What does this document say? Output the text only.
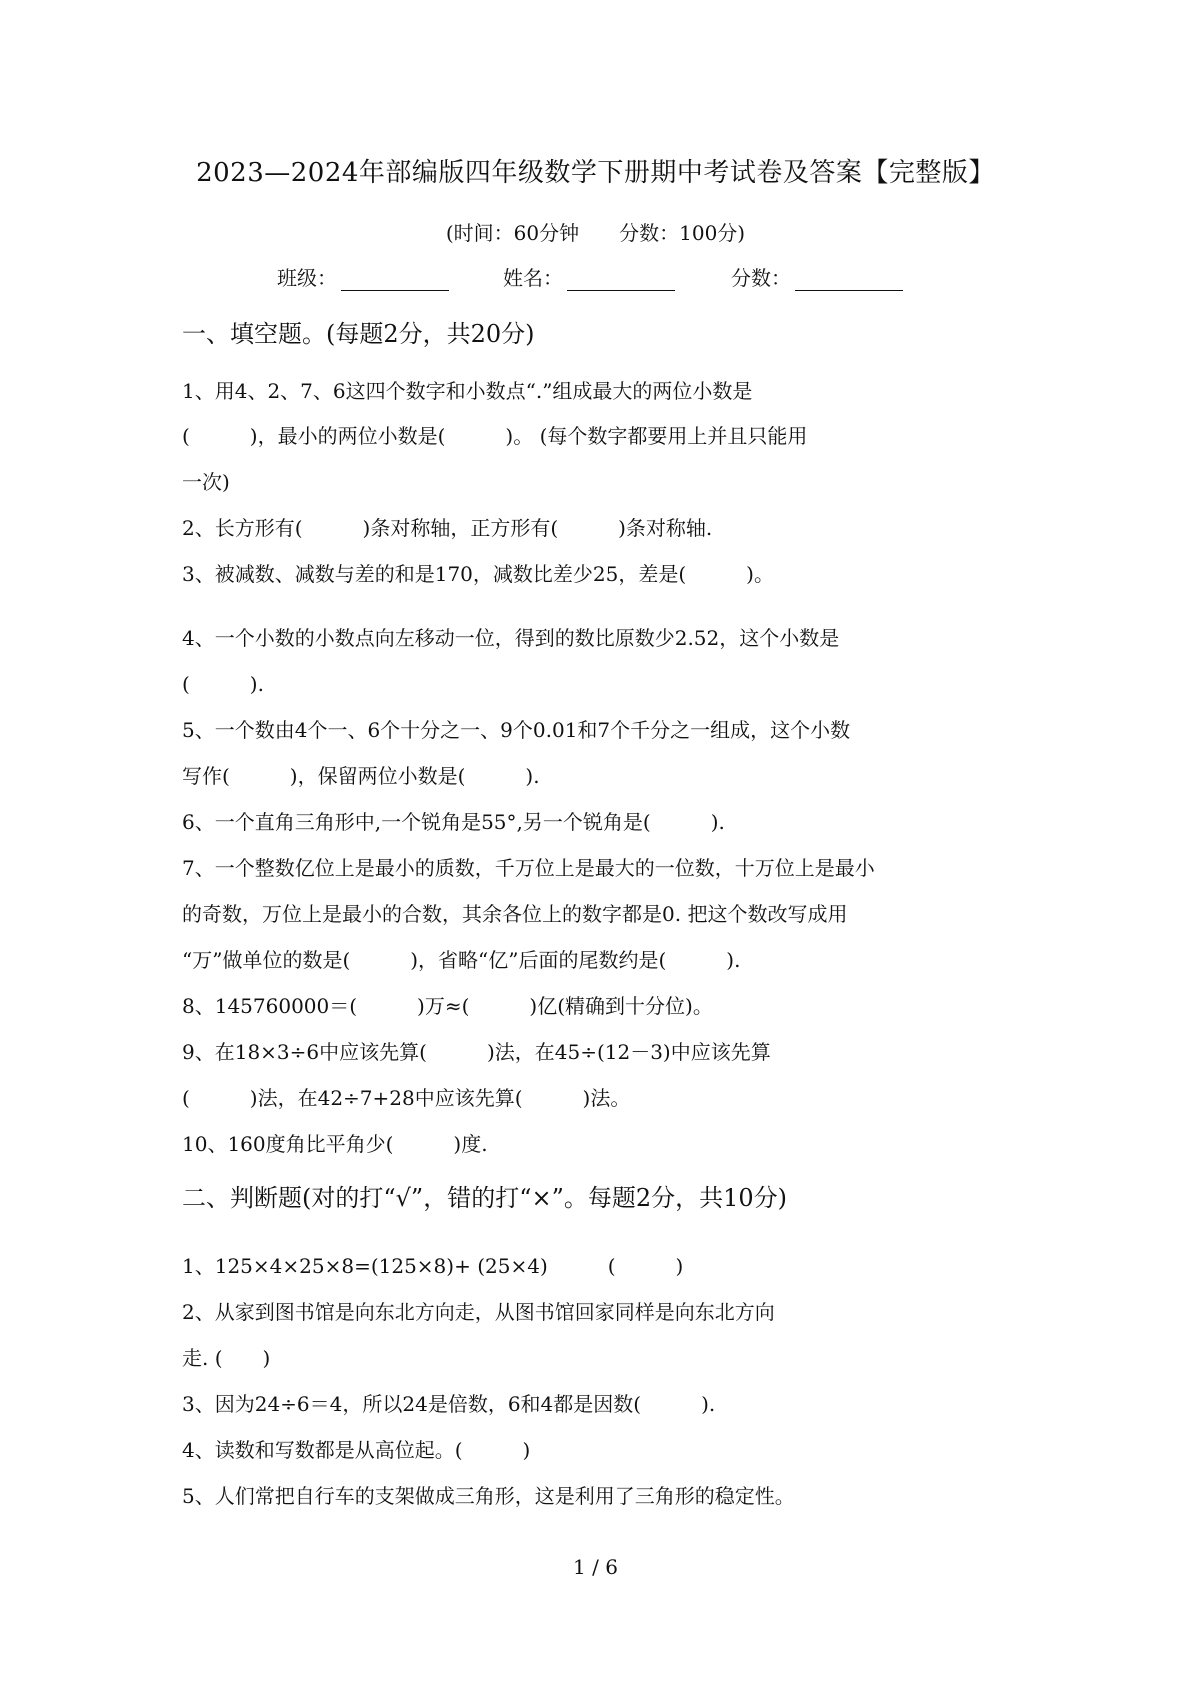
2023—2024年部编版四年级数学下册期中考试卷及答案【完整版】
(时间：60分钟　　分数：100分)
班级：	姓名：	分数：
一、填空题。(每题2分，共20分)
1、用4、2、7、6这四个数字和小数点“.”组成最大的两位小数是
(　　　)，最小的两位小数是(　　　)。 (每个数字都要用上并且只能用
一次)
2、长方形有(　　　)条对称轴，正方形有(　　　)条对称轴.
3、被减数、减数与差的和是170，减数比差少25，差是(　　　)。
4、一个小数的小数点向左移动一位，得到的数比原数少2.52，这个小数是
(　　　).
5、一个数由4个一、6个十分之一、9个0.01和7个千分之一组成，这个小数
写作(　　　)，保留两位小数是(　　　).
6、一个直角三角形中,一个锐角是55°,另一个锐角是(　　　).
7、一个整数亿位上是最小的质数，千万位上是最大的一位数，十万位上是最小
的奇数，万位上是最小的合数，其余各位上的数字都是0. 把这个数改写成用
“万”做单位的数是(　　　)，省略“亿”后面的尾数约是(　　　).
8、145760000＝(　　　)万≈(　　　)亿(精确到十分位)。
9、在18×3÷6中应该先算(　　　)法，在45÷(12－3)中应该先算
(　　　)法，在42÷7+28中应该先算(　　　)法。
10、160度角比平角少(　　　)度.
二、判断题(对的打“√”，错的打“×”。每题2分，共10分)
1、125×4×25×8=(125×8)+ (25×4)　　　(　　　)
2、从家到图书馆是向东北方向走，从图书馆回家同样是向东北方向
走. (　　)
3、因为24÷6＝4，所以24是倍数，6和4都是因数(　　　).
4、读数和写数都是从高位起。(　　　)
5、人们常把自行车的支架做成三角形，这是利用了三角形的稳定性。
1 / 6
